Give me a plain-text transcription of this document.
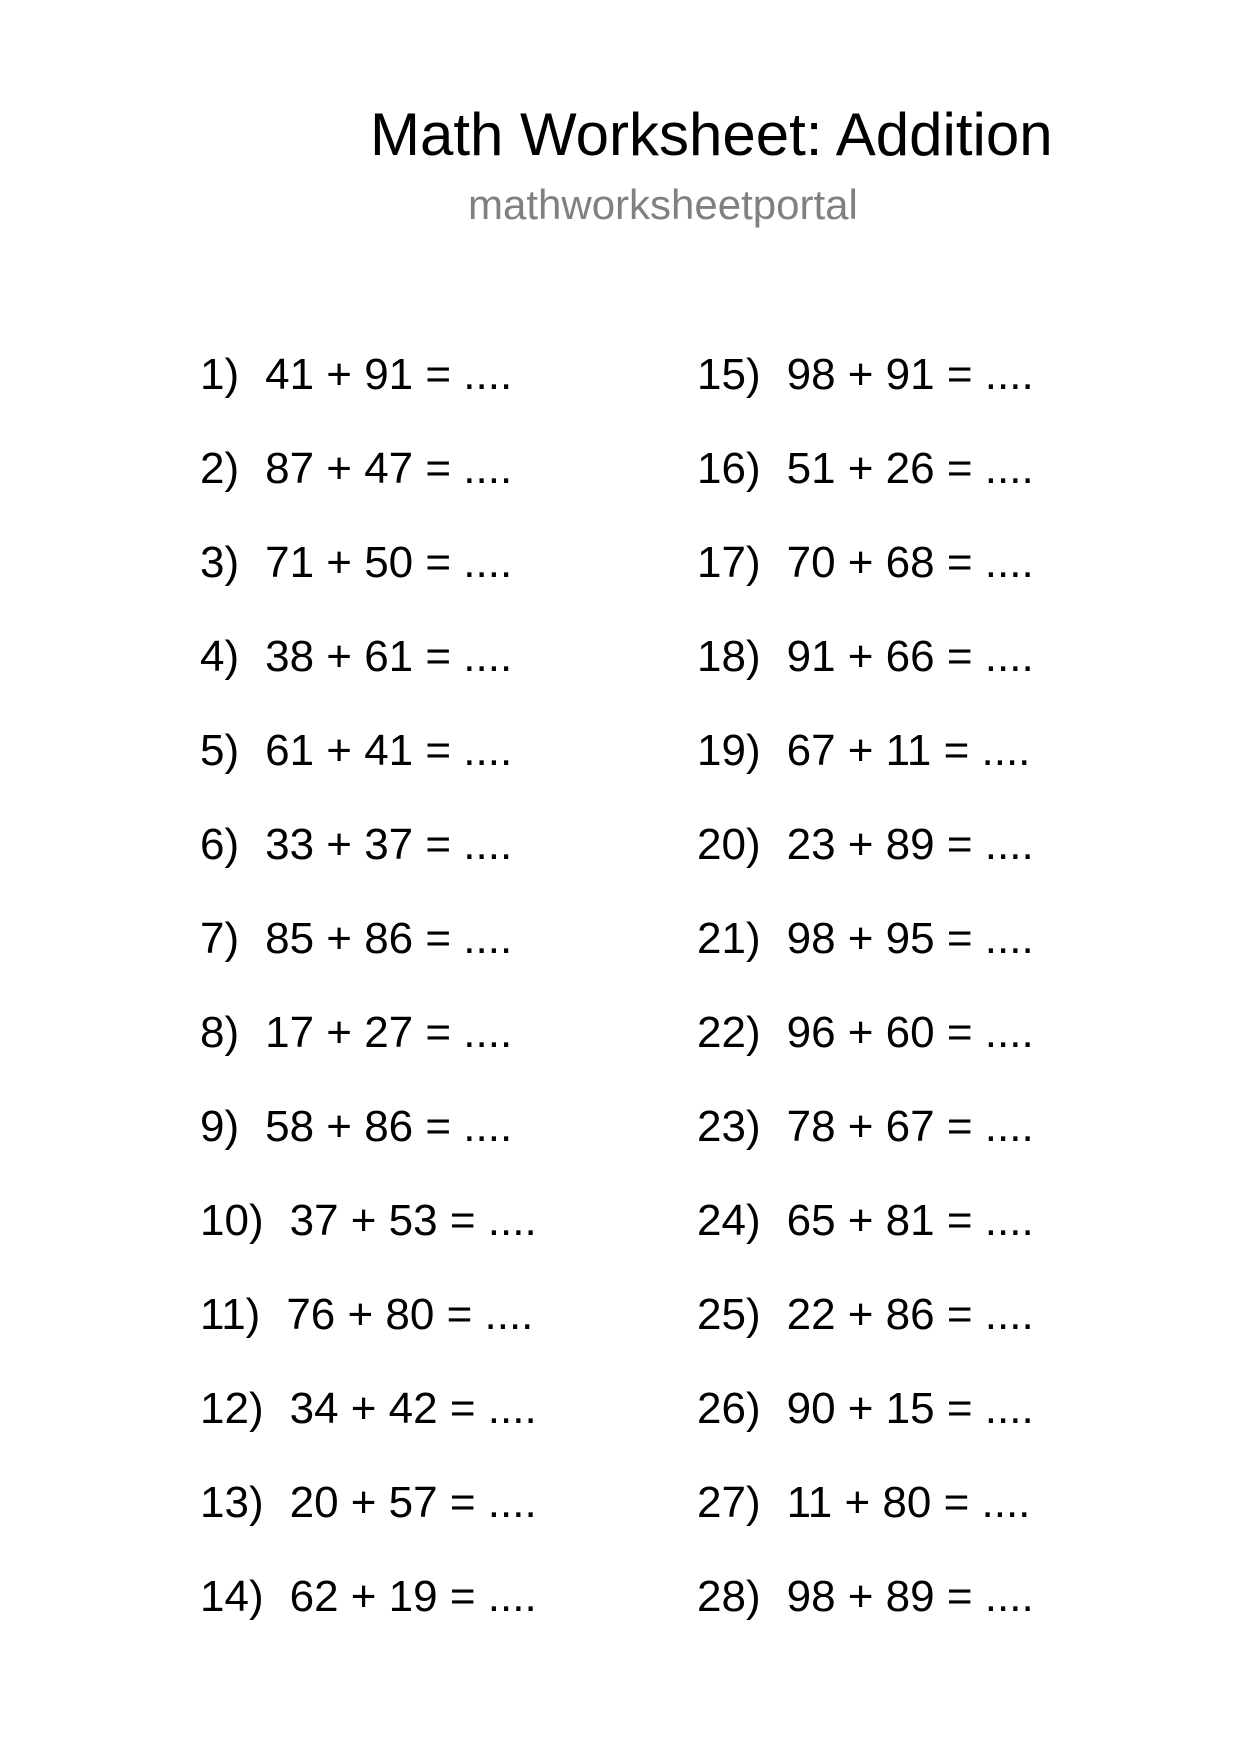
Math Worksheet: Addition
mathworksheetportal
1) 41 + 91 = ....
2) 87 + 47 = ....
3) 71 + 50 = ....
4) 38 + 61 = ....
5) 61 + 41 = ....
6) 33 + 37 = ....
7) 85 + 86 = ....
8) 17 + 27 = ....
9) 58 + 86 = ....
10) 37 + 53 = ....
11) 76 + 80 = ....
12) 34 + 42 = ....
13) 20 + 57 = ....
14) 62 + 19 = ....
15) 98 + 91 = ....
16) 51 + 26 = ....
17) 70 + 68 = ....
18) 91 + 66 = ....
19) 67 + 11 = ....
20) 23 + 89 = ....
21) 98 + 95 = ....
22) 96 + 60 = ....
23) 78 + 67 = ....
24) 65 + 81 = ....
25) 22 + 86 = ....
26) 90 + 15 = ....
27) 11 + 80 = ....
28) 98 + 89 = ....
